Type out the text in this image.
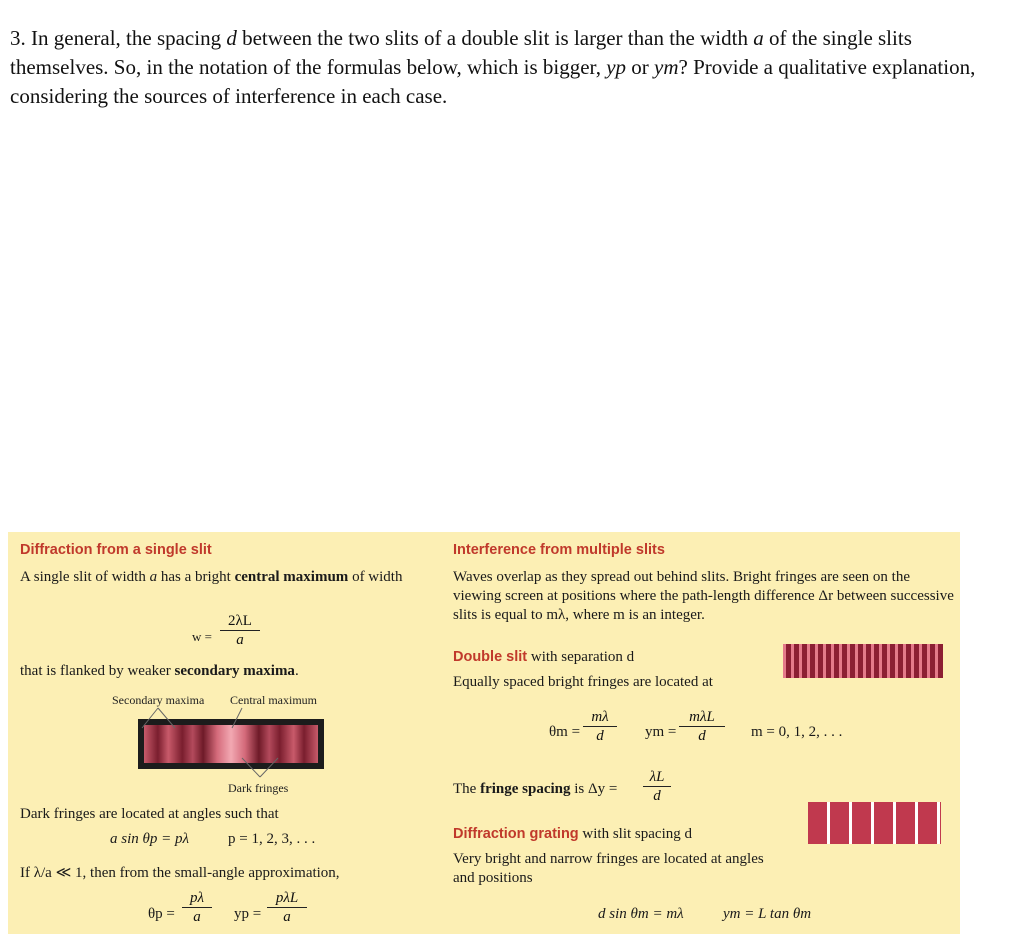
3. In general, the spacing d between the two slits of a double slit is larger than the width a of the single slits themselves. So, in the notation of the formulas below, which is bigger, yp or ym? Provide a qualitative explanation, considering the sources of interference in each case.
Diffraction from a single slit
A single slit of width a has a bright central maximum of width
$w = \frac{2\lambda L}{a}$
that is flanked by weaker secondary maxima.
Secondary maxima Central maximum
Dark fringes
Dark fringes are located at angles such that
a sin θp = pλ	p = 1, 2, 3, . . .
If λ/a ≪ 1, then from the small-angle approximation,
$\theta p = \frac{p\lambda}{a}$ yp =
pλL
a
Interference from multiple slits
Waves overlap as they spread out behind slits. Bright fringes are seen on the viewing screen at positions where the path-length difference Δr between successive slits is equal to mλ, where m is an integer.
Double slit with separation d
Equally spaced bright fringes are located at
$\theta m = \frac{m\lambda}{d}$ ym =
mλL
d	m = 0, 1, 2, . . .
The fringe spacing is $\Delta y = \frac{\lambda L}{d}$
Diffraction grating with slit spacing d
Very bright and narrow fringes are located at angles and positions
d sin θm = mλ	ym = L tan θm
